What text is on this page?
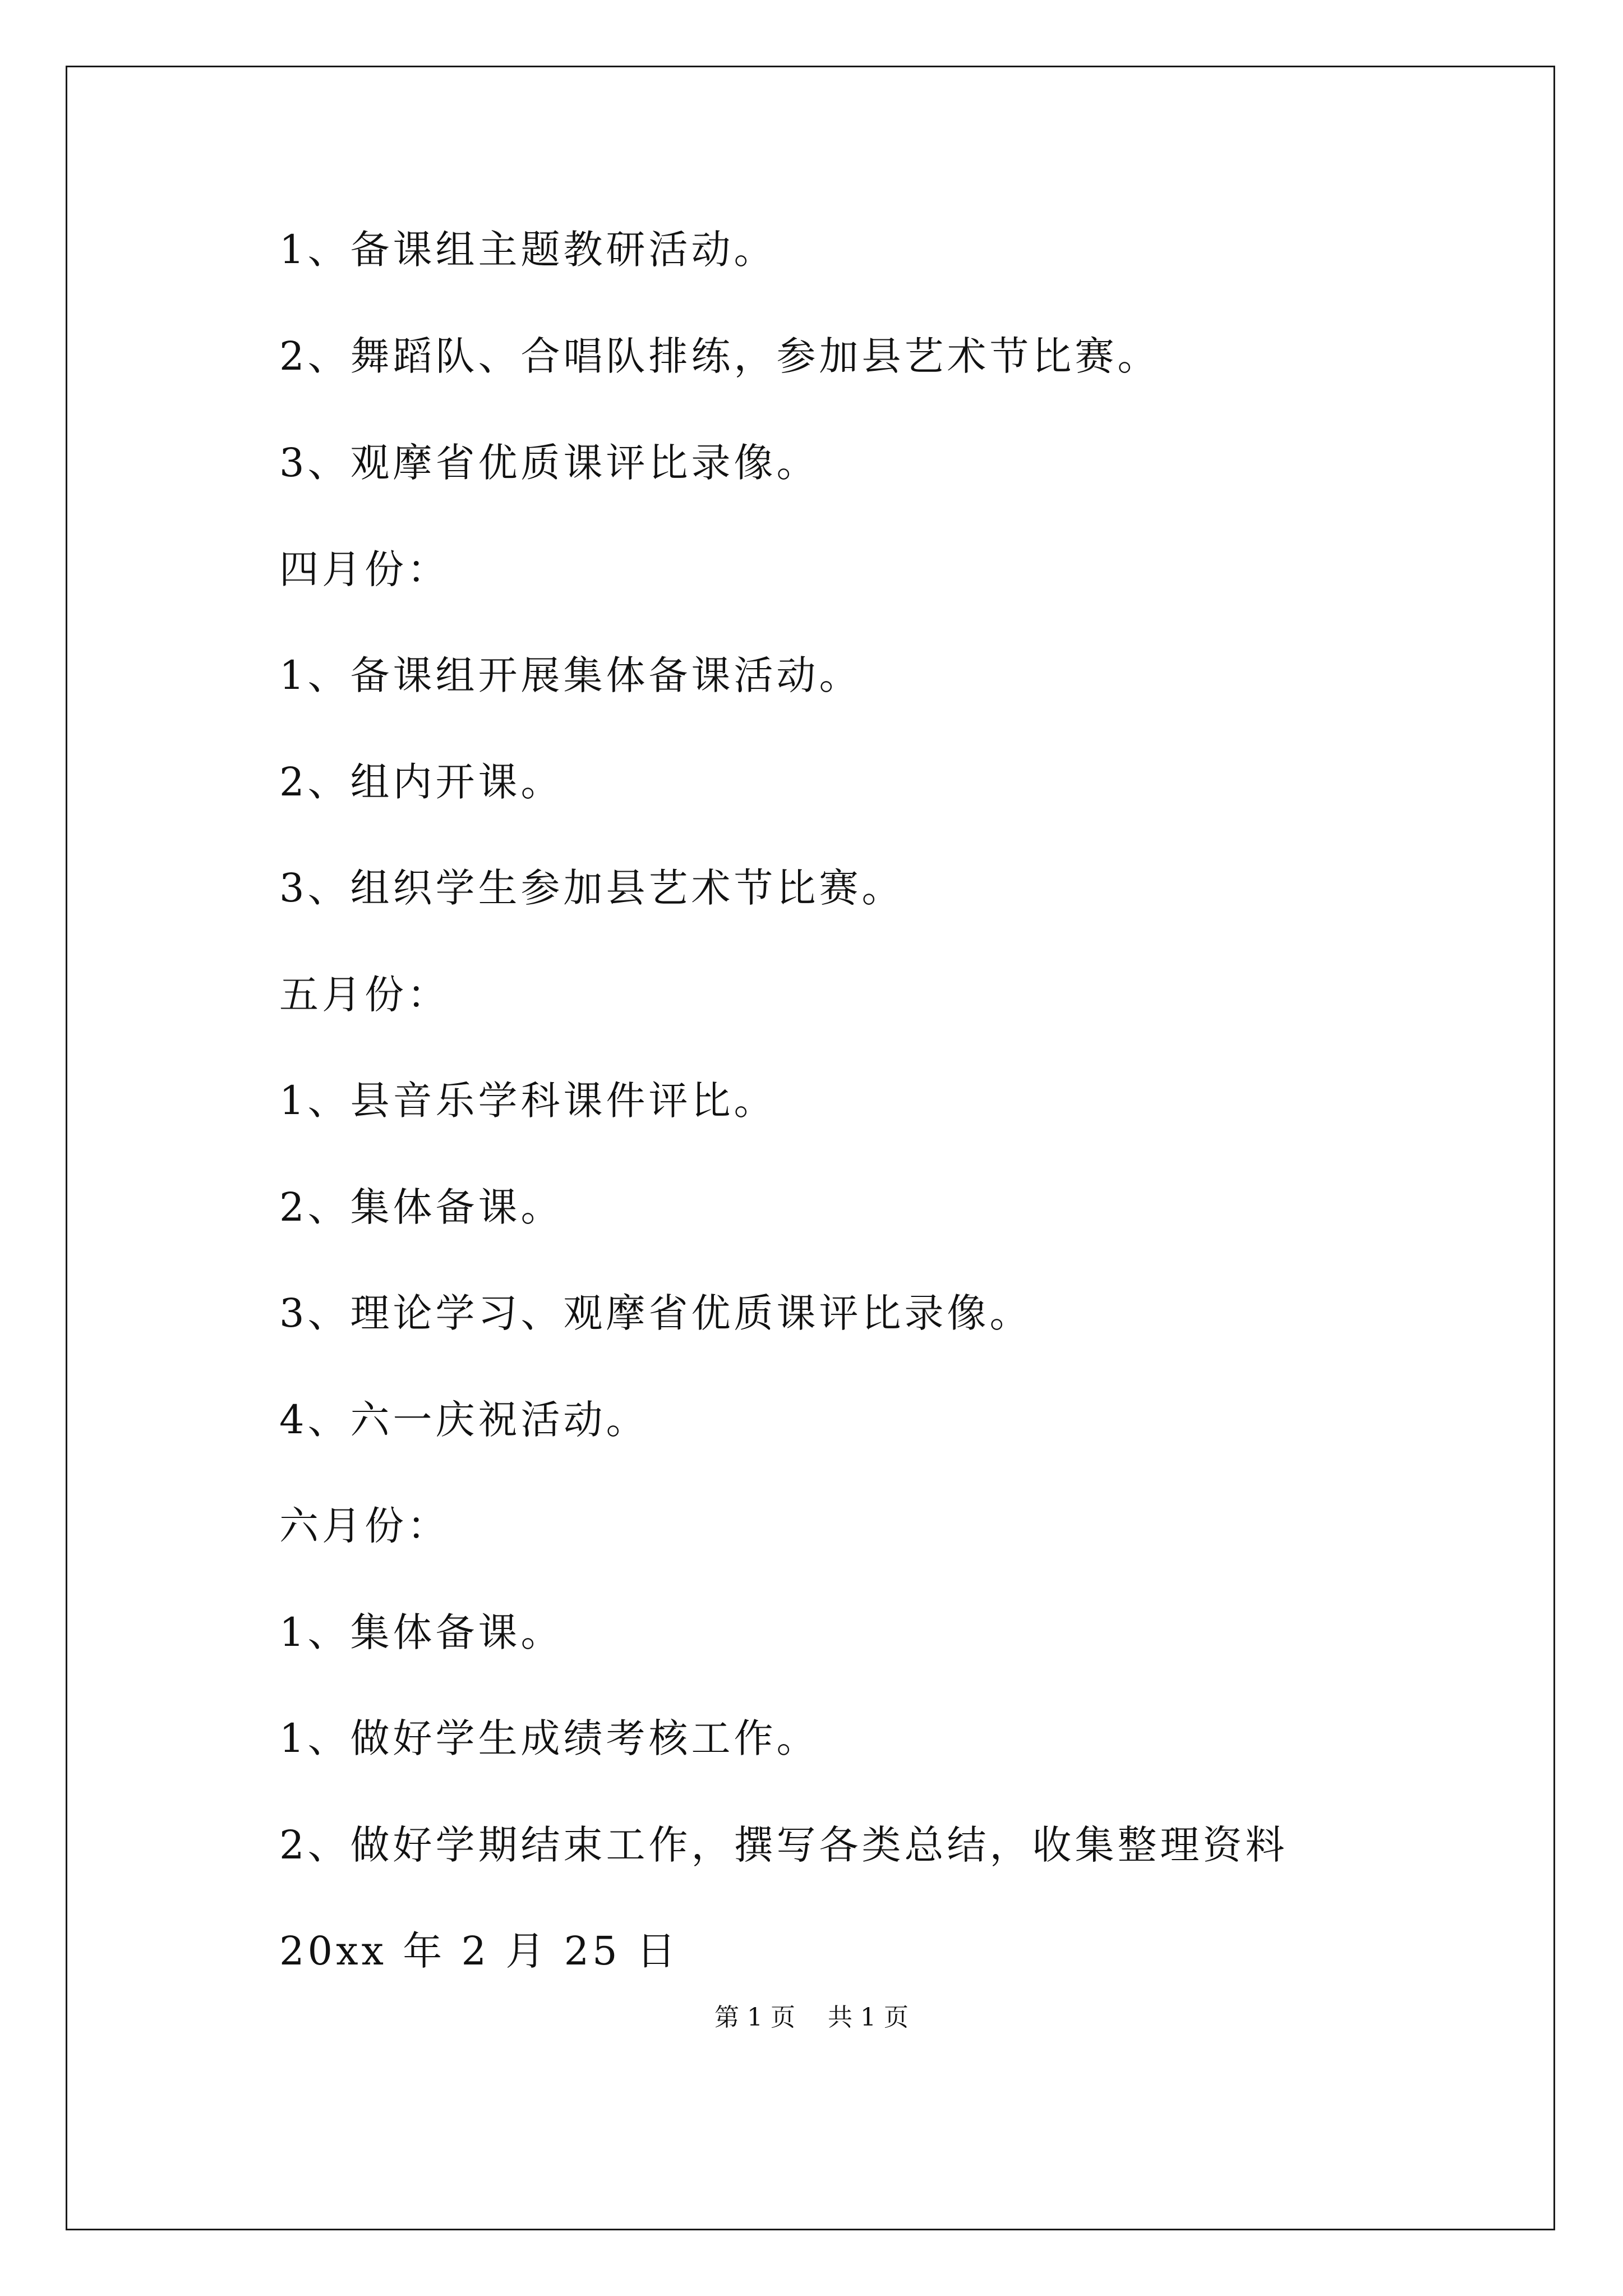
1、备课组主题教研活动。
2、舞蹈队、合唱队排练，参加县艺术节比赛。
3、观摩省优质课评比录像。
四月份：
1、备课组开展集体备课活动。
2、组内开课。
3、组织学生参加县艺术节比赛。
五月份：
1、县音乐学科课件评比。
2、集体备课。
3、理论学习、观摩省优质课评比录像。
4、六一庆祝活动。
六月份：
1、集体备课。
1、做好学生成绩考核工作。
2、做好学期结束工作，撰写各类总结，收集整理资料
20xx 年 2 月 25 日
第 1 页 共 1 页
